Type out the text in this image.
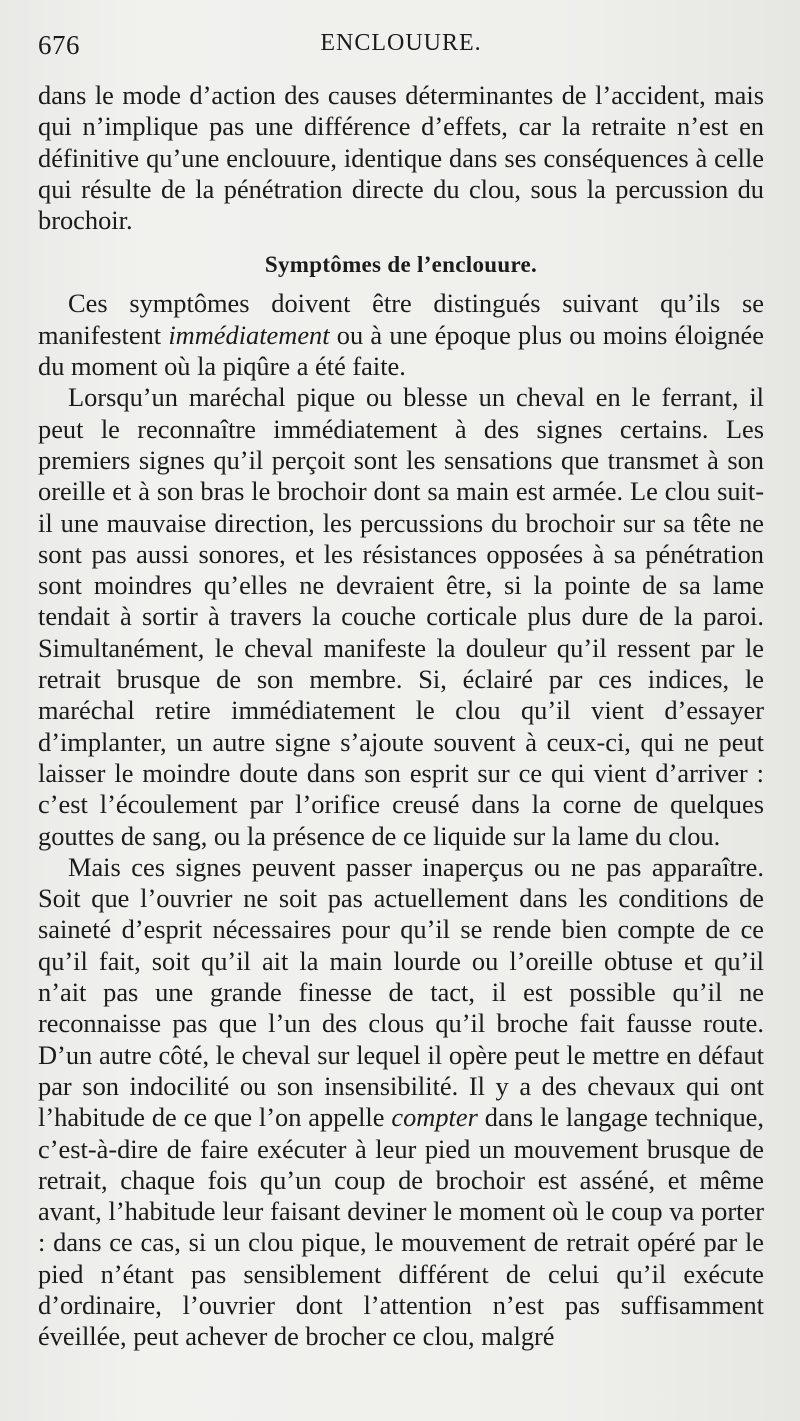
676	ENCLOUURE.

dans le mode d’action des causes déterminantes de l’accident, mais qui n’implique pas une différence d’effets, car la retraite n’est en définitive qu’une enclouure, identique dans ses conséquences à celle qui résulte de la pénétration directe du clou, sous la percussion du brochoir.

Symptômes de l’enclouure.

Ces symptômes doivent être distingués suivant qu’ils se manifestent immédiatement ou à une époque plus ou moins éloignée du moment où la piqûre a été faite.

Lorsqu’un maréchal pique ou blesse un cheval en le ferrant, il peut le reconnaître immédiatement à des signes certains. Les premiers signes qu’il perçoit sont les sensations que transmet à son oreille et à son bras le brochoir dont sa main est armée. Le clou suit-il une mauvaise direction, les percussions du brochoir sur sa tête ne sont pas aussi sonores, et les résistances opposées à sa pénétration sont moindres qu’elles ne devraient être, si la pointe de sa lame tendait à sortir à travers la couche corticale plus dure de la paroi. Simultanément, le cheval manifeste la douleur qu’il ressent par le retrait brusque de son membre. Si, éclairé par ces indices, le maréchal retire immédiatement le clou qu’il vient d’essayer d’implanter, un autre signe s’ajoute souvent à ceux-ci, qui ne peut laisser le moindre doute dans son esprit sur ce qui vient d’arriver : c’est l’écoulement par l’orifice creusé dans la corne de quelques gouttes de sang, ou la présence de ce liquide sur la lame du clou.

Mais ces signes peuvent passer inaperçus ou ne pas apparaître. Soit que l’ouvrier ne soit pas actuellement dans les conditions de saineté d’esprit nécessaires pour qu’il se rende bien compte de ce qu’il fait, soit qu’il ait la main lourde ou l’oreille obtuse et qu’il n’ait pas une grande finesse de tact, il est possible qu’il ne reconnaisse pas que l’un des clous qu’il broche fait fausse route. D’un autre côté, le cheval sur lequel il opère peut le mettre en défaut par son indocilité ou son insensibilité. Il y a des chevaux qui ont l’habitude de ce que l’on appelle compter dans le langage technique, c’est-à-dire de faire exécuter à leur pied un mouvement brusque de retrait, chaque fois qu’un coup de brochoir est asséné, et même avant, l’habitude leur faisant deviner le moment où le coup va porter : dans ce cas, si un clou pique, le mouvement de retrait opéré par le pied n’étant pas sensiblement différent de celui qu’il exécute d’ordinaire, l’ouvrier dont l’attention n’est pas suffisamment éveillée, peut achever de brocher ce clou, malgré
